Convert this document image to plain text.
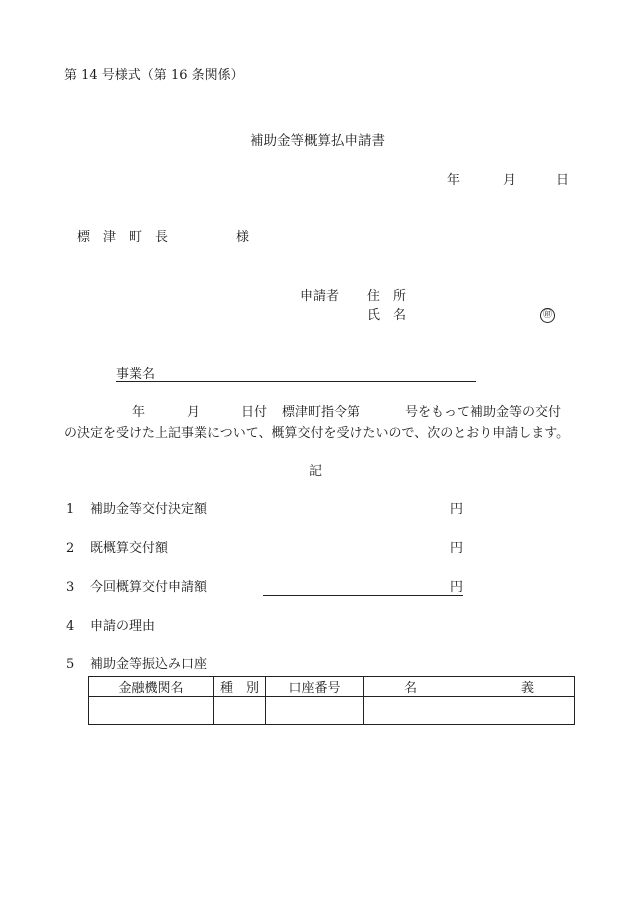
第 14 号様式（第 16 条関係）
補助金等概算払申請書
年	月	日
標　津　町　長	様
申請者 住　所
氏　名	㊞
事業名
年	月	日付 標津町指令第	号をもって補助金等の交付
の決定を受けた上記事業について、概算交付を受けたいので、次のとおり申請します。
記
1 補助金等交付決定額	円
2 既概算交付額	円
3 今回概算交付申請額	円
4 申請の理由
5 補助金等振込み口座
金融機関名	種　別	口座番号	名　　　　　　　　義
